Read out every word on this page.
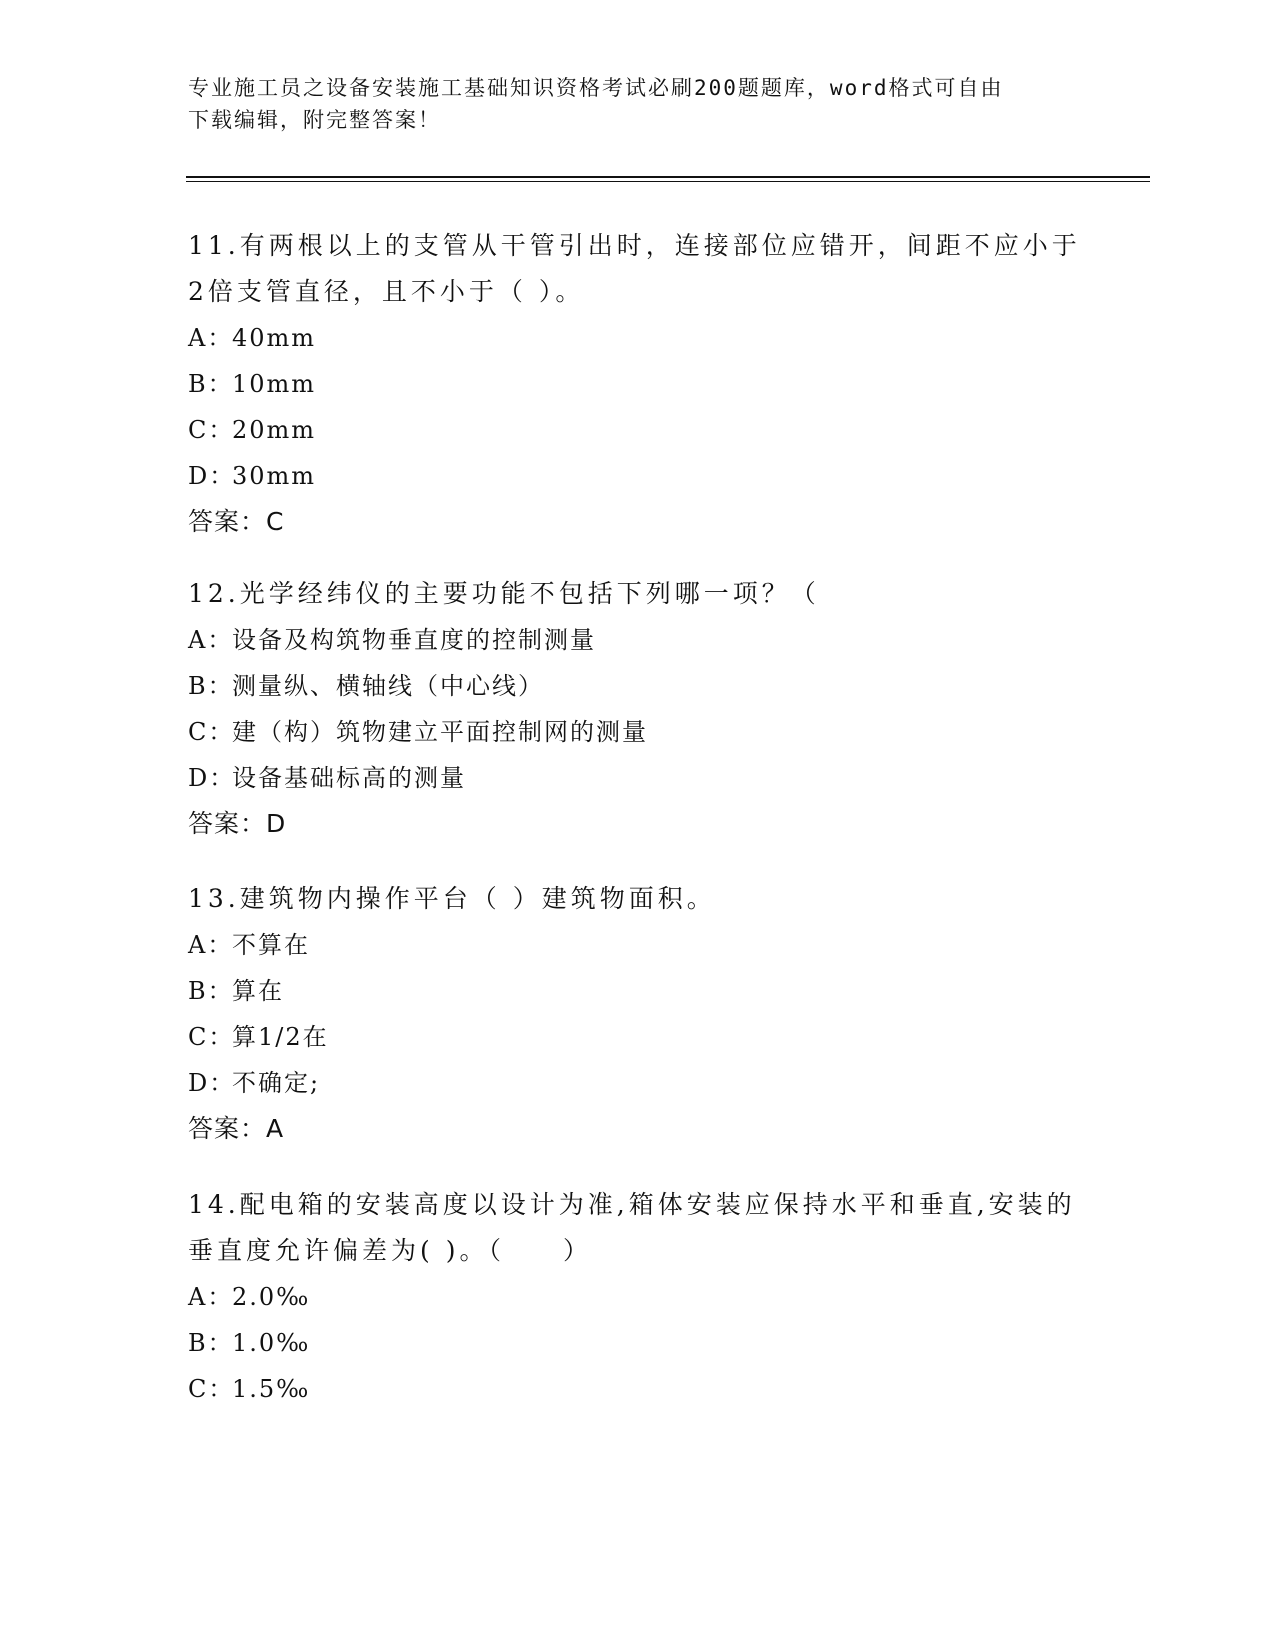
专业施工员之设备安装施工基础知识资格考试必刷200题题库，word格式可自由
下载编辑，附完整答案！
11.有两根以上的支管从干管引出时，连接部位应错开，间距不应小于
2倍支管直径，且不小于（ ）。
A：40mm
B：10mm
C：20mm
D：30mm
答案：C
12.光学经纬仪的主要功能不包括下列哪一项？（
A：设备及构筑物垂直度的控制测量
B：测量纵、横轴线（中心线）
C：建（构）筑物建立平面控制网的测量
D：设备基础标高的测量
答案：D
13.建筑物内操作平台（ ）建筑物面积。
A：不算在
B：算在
C：算1/2在
D：不确定;
答案：A
14.配电箱的安装高度以设计为准,箱体安装应保持水平和垂直,安装的
垂直度允许偏差为( )。（　　）
A：2.0‰
B：1.0‰
C：1.5‰
